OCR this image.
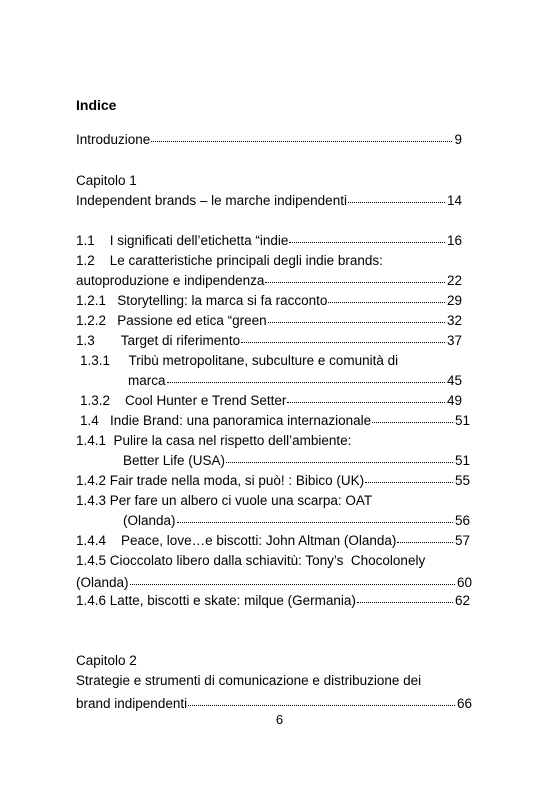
Indice
Introduzione	9
Capitolo 1
Independent brands – le marche indipendenti	14
1.1    I significati dell’etichetta “indie	16
1.2    Le caratteristiche principali degli indie brands:
autoproduzione e indipendenza	22
1.2.1   Storytelling: la marca si fa racconto	29
1.2.2   Passione ed etica “green	32
1.3       Target di riferimento	37
1.3.1     Tribù metropolitane, subculture e comunità di
marca	45
1.3.2    Cool Hunter e Trend Setter	49
1.4   Indie Brand: una panoramica internazionale	51
1.4.1  Pulire la casa nel rispetto dell’ambiente:
Better Life (USA)	51
1.4.2 Fair trade nella moda, si può! : Bibico (UK)	55
1.4.3 Per fare un albero ci vuole una scarpa: OAT
(Olanda)	56
1.4.4    Peace, love…e biscotti: John Altman (Olanda)	57
1.4.5 Cioccolato libero dalla schiavitù: Tony’s  Chocolonely
(Olanda)	60
1.4.6 Latte, biscotti e skate: milque (Germania)	62
Capitolo 2
Strategie e strumenti di comunicazione e distribuzione dei
brand indipendenti	66
6
